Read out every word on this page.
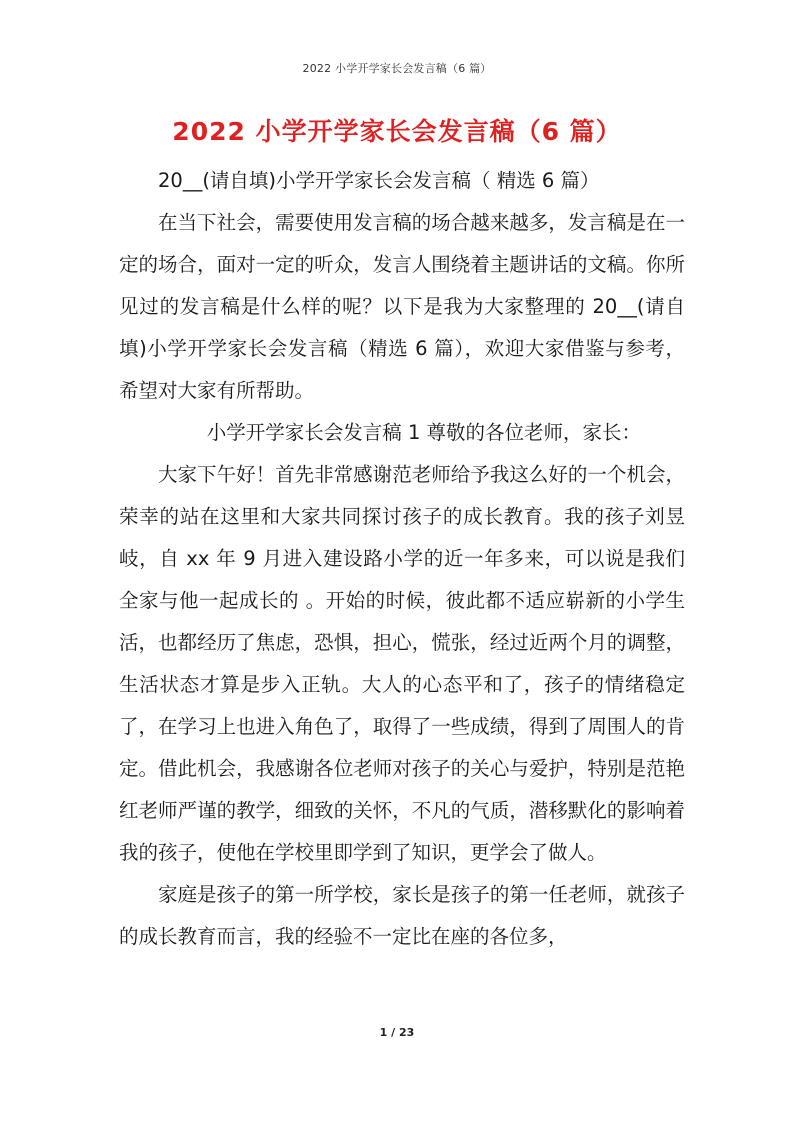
2022 小学开学家长会发言稿（6 篇）
2022 小学开学家长会发言稿（6 篇）

20__(请自填)小学开学家长会发言稿（ 精选 6 篇）

在当下社会，需要使用发言稿的场合越来越多，发言稿是在一定的场合，面对一定的听众，发言人围绕着主题讲话的文稿。你所见过的发言稿是什么样的呢？以下是我为大家整理的 20__(请自填)小学开学家长会发言稿（精选 6 篇），欢迎大家借鉴与参考，希望对大家有所帮助。

小学开学家长会发言稿 1 尊敬的各位老师，家长：

大家下午好！首先非常感谢范老师给予我这么好的一个机会，荣幸的站在这里和大家共同探讨孩子的成长教育。我的孩子刘昱岐，自 xx 年 9 月进入建设路小学的近一年多来，可以说是我们全家与他一起成长的 。开始的时候，彼此都不适应崭新的小学生活，也都经历了焦虑，恐惧，担心，慌张，经过近两个月的调整，生活状态才算是步入正轨。大人的心态平和了，孩子的情绪稳定了，在学习上也进入角色了，取得了一些成绩，得到了周围人的肯定。借此机会，我感谢各位老师对孩子的关心与爱护，特别是范艳红老师严谨的教学，细致的关怀，不凡的气质，潜移默化的影响着我的孩子，使他在学校里即学到了知识，更学会了做人。

家庭是孩子的第一所学校，家长是孩子的第一任老师，就孩子的成长教育而言，我的经验不一定比在座的各位多，

1 / 23
